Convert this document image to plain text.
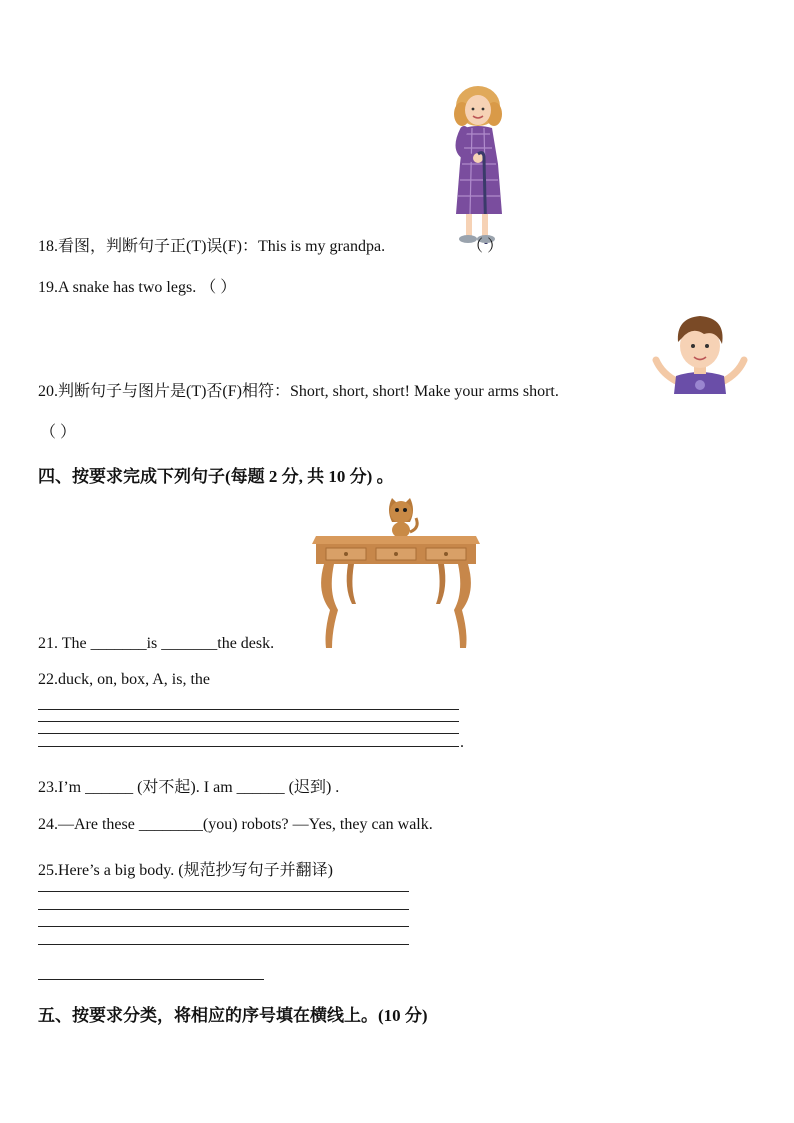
18.看图，判断句子正(T)误(F)：This is my grandpa.	（ ）
19.A snake has two legs. （ ）
20.判断句子与图片是(T)否(F)相符：Short, short, short! Make your arms short.
（ ）
四、按要求完成下列句子(每题 2 分, 共 10 分) 。
21. The _______is _______the desk.
22.duck, on, box, A, is, the
.
23.I’m ______ (对不起). I am ______ (迟到) .
24.—Are these ________(you) robots? —Yes, they can walk.
25.Here’s a big body. (规范抄写句子并翻译)
五、按要求分类，将相应的序号填在横线上。(10 分)
